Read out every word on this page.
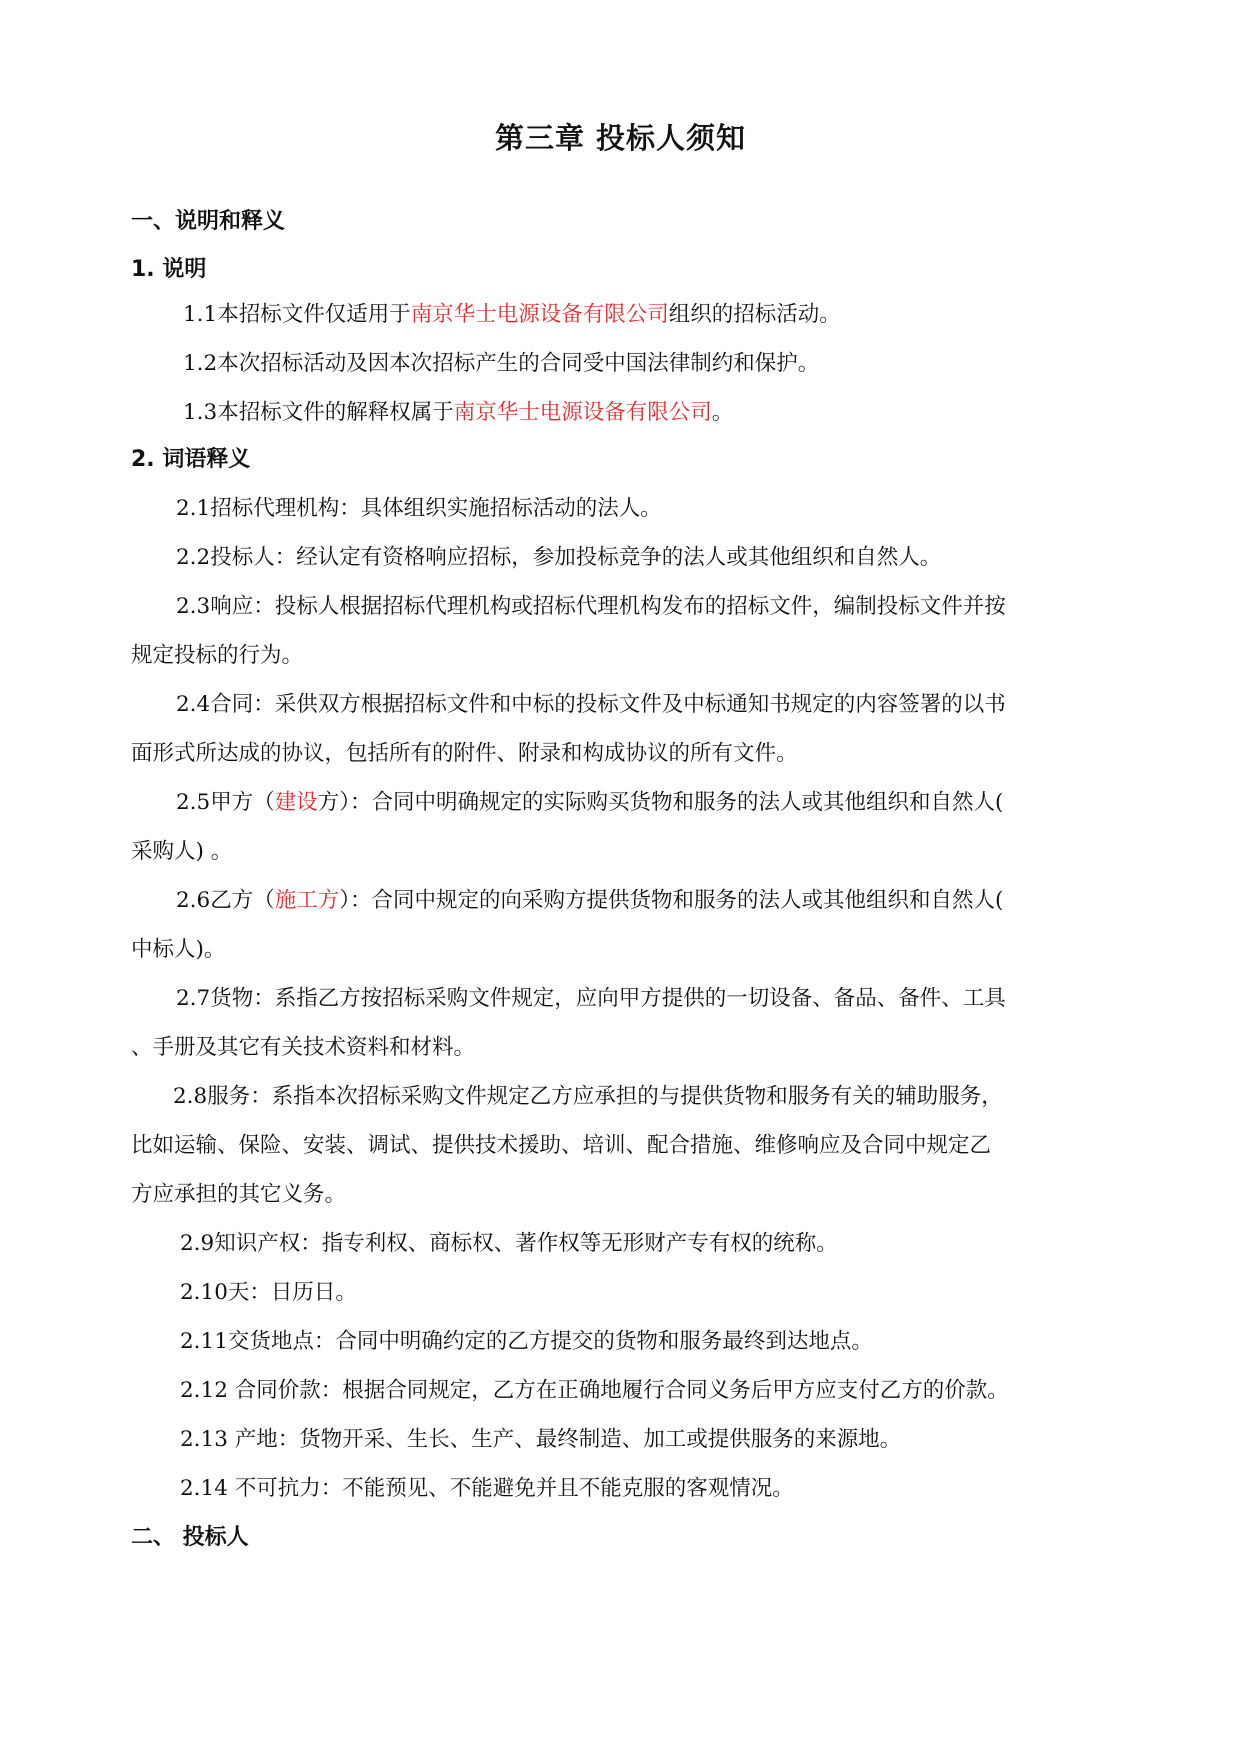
第三章 投标人须知
一、说明和释义
1. 说明
1.1本招标文件仅适用于南京华士电源设备有限公司组织的招标活动。
1.2本次招标活动及因本次招标产生的合同受中国法律制约和保护。
1.3本招标文件的解释权属于南京华士电源设备有限公司。
2. 词语释义
2.1招标代理机构：具体组织实施招标活动的法人。
2.2投标人：经认定有资格响应招标，参加投标竞争的法人或其他组织和自然人。
2.3响应：投标人根据招标代理机构或招标代理机构发布的招标文件，编制投标文件并按
规定投标的行为。
2.4合同：采供双方根据招标文件和中标的投标文件及中标通知书规定的内容签署的以书
面形式所达成的协议，包括所有的附件、附录和构成协议的所有文件。
2.5甲方（建设方）：合同中明确规定的实际购买货物和服务的法人或其他组织和自然人(
采购人) 。
2.6乙方（施工方）：合同中规定的向采购方提供货物和服务的法人或其他组织和自然人(
中标人)。
2.7货物：系指乙方按招标采购文件规定，应向甲方提供的一切设备、备品、备件、工具
、手册及其它有关技术资料和材料。
2.8服务：系指本次招标采购文件规定乙方应承担的与提供货物和服务有关的辅助服务，
比如运输、保险、安装、调试、提供技术援助、培训、配合措施、维修响应及合同中规定乙
方应承担的其它义务。
2.9知识产权：指专利权、商标权、著作权等无形财产专有权的统称。
2.10天：日历日。
2.11交货地点：合同中明确约定的乙方提交的货物和服务最终到达地点。
2.12 合同价款：根据合同规定，乙方在正确地履行合同义务后甲方应支付乙方的价款。
2.13 产地：货物开采、生长、生产、最终制造、加工或提供服务的来源地。
2.14 不可抗力：不能预见、不能避免并且不能克服的客观情况。
二、 投标人
